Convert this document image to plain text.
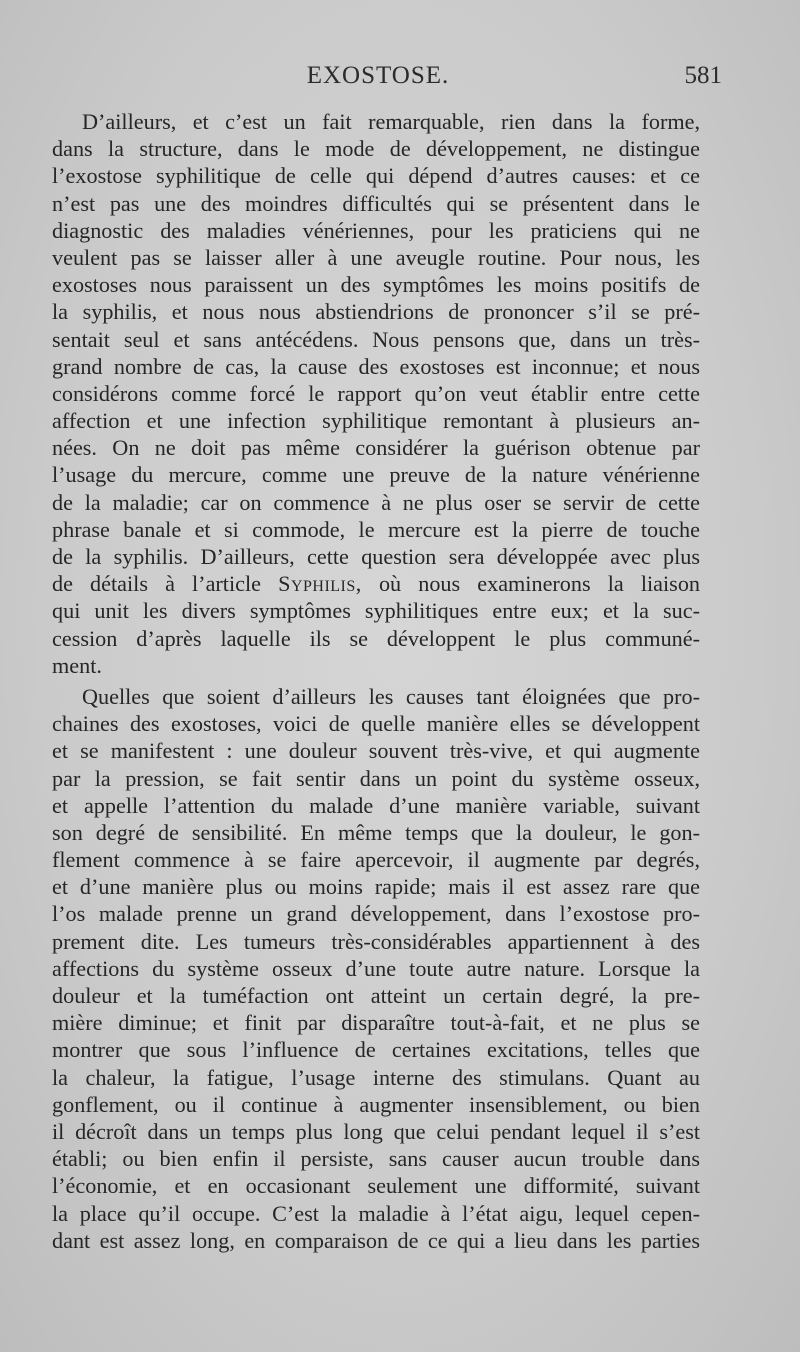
EXOSTOSE.	581
D’ailleurs, et c’est un fait remarquable, rien dans la forme,
dans la structure, dans le mode de développement, ne distingue
l’exostose syphilitique de celle qui dépend d’autres causes: et ce
n’est pas une des moindres difficultés qui se présentent dans le
diagnostic des maladies vénériennes, pour les praticiens qui ne
veulent pas se laisser aller à une aveugle routine. Pour nous, les
exostoses nous paraissent un des symptômes les moins positifs de
la syphilis, et nous nous abstiendrions de prononcer s’il se pré-
sentait seul et sans antécédens. Nous pensons que, dans un très-
grand nombre de cas, la cause des exostoses est inconnue; et nous
considérons comme forcé le rapport qu’on veut établir entre cette
affection et une infection syphilitique remontant à plusieurs an-
nées. On ne doit pas même considérer la guérison obtenue par
l’usage du mercure, comme une preuve de la nature vénérienne
de la maladie; car on commence à ne plus oser se servir de cette
phrase banale et si commode, le mercure est la pierre de touche
de la syphilis. D’ailleurs, cette question sera développée avec plus
de détails à l’article Syphilis, où nous examinerons la liaison
qui unit les divers symptômes syphilitiques entre eux; et la suc-
cession d’après laquelle ils se développent le plus communé-
ment.
Quelles que soient d’ailleurs les causes tant éloignées que pro-
chaines des exostoses, voici de quelle manière elles se développent
et se manifestent : une douleur souvent très-vive, et qui augmente
par la pression, se fait sentir dans un point du système osseux,
et appelle l’attention du malade d’une manière variable, suivant
son degré de sensibilité. En même temps que la douleur, le gon-
flement commence à se faire apercevoir, il augmente par degrés,
et d’une manière plus ou moins rapide; mais il est assez rare que
l’os malade prenne un grand développement, dans l’exostose pro-
prement dite. Les tumeurs très-considérables appartiennent à des
affections du système osseux d’une toute autre nature. Lorsque la
douleur et la tuméfaction ont atteint un certain degré, la pre-
mière diminue; et finit par disparaître tout-à-fait, et ne plus se
montrer que sous l’influence de certaines excitations, telles que
la chaleur, la fatigue, l’usage interne des stimulans. Quant au
gonflement, ou il continue à augmenter insensiblement, ou bien
il décroît dans un temps plus long que celui pendant lequel il s’est
établi; ou bien enfin il persiste, sans causer aucun trouble dans
l’économie, et en occasionant seulement une difformité, suivant
la place qu’il occupe. C’est la maladie à l’état aigu, lequel cepen-
dant est assez long, en comparaison de ce qui a lieu dans les parties
